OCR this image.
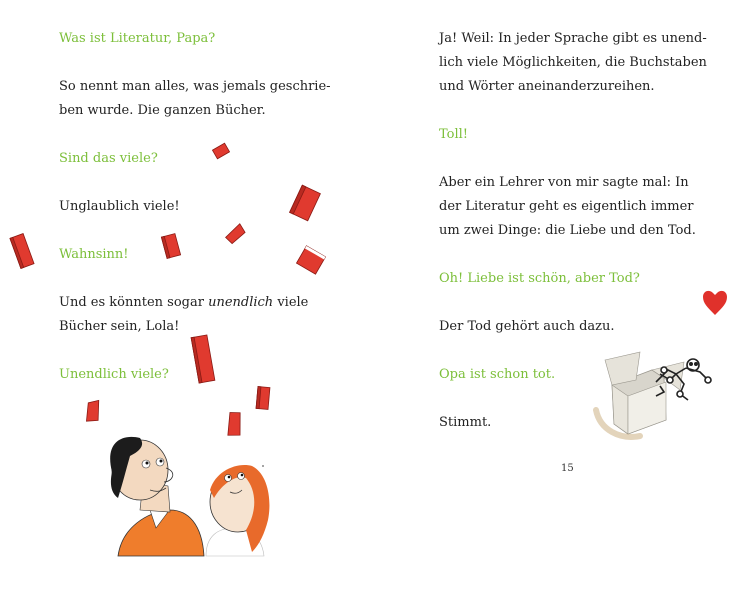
Was ist Literatur, Papa?
So nennt man alles, was jemals geschrie-
ben wurde. Die ganzen Bücher.
Sind das viele?
Unglaublich viele!
Wahnsinn!
Und es könnten sogar unendlich viele
Bücher sein, Lola!
Unendlich viele?
Ja! Weil: In jeder Sprache gibt es unend-
lich viele Möglichkeiten, die Buchstaben
und Wörter aneinanderzureihen.
Toll!
Aber ein Lehrer von mir sagte mal: In
der Literatur geht es eigentlich immer
um zwei Dinge: die Liebe und den Tod.
Oh! Liebe ist schön, aber Tod?
Der Tod gehört auch dazu.
Opa ist schon tot.
Stimmt.
15
